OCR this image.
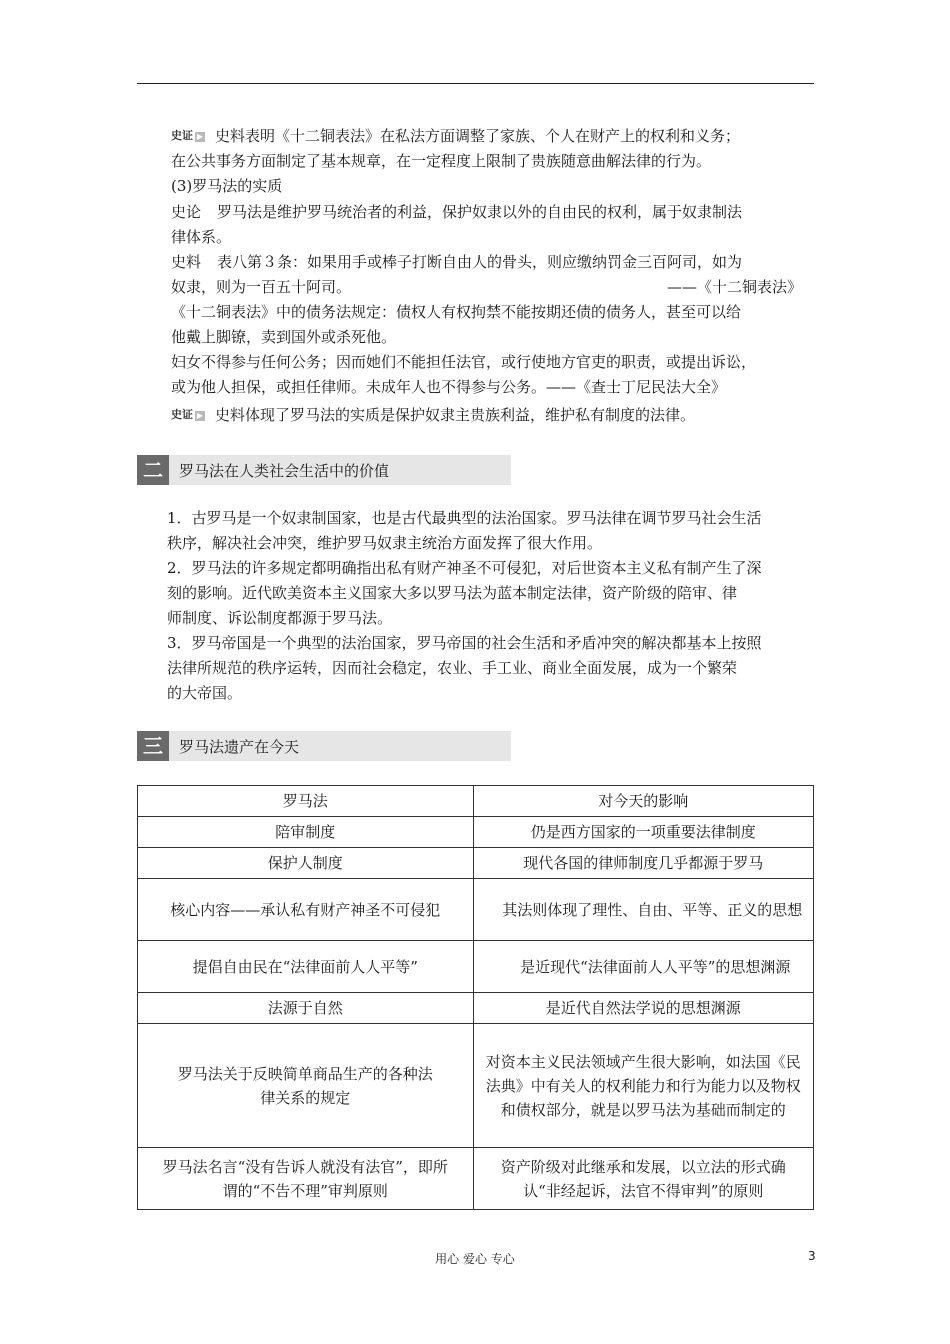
史证 ▶ 史料表明《十二铜表法》在私法方面调整了家族、个人在财产上的权利和义务；
在公共事务方面制定了基本规章，在一定程度上限制了贵族随意曲解法律的行为。
(3)罗马法的实质
史论 罗马法是维护罗马统治者的利益，保护奴隶以外的自由民的权利，属于奴隶制法
律体系。
史料 表八第３条：如果用手或棒子打断自由人的骨头，则应缴纳罚金三百阿司，如为
奴隶，则为一百五十阿司。	——《十二铜表法》
《十二铜表法》中的债务法规定：债权人有权拘禁不能按期还债的债务人，甚至可以给
他戴上脚镣，卖到国外或杀死他。
妇女不得参与任何公务；因而她们不能担任法官，或行使地方官吏的职责，或提出诉讼，
或为他人担保，或担任律师。未成年人也不得参与公务。——《查士丁尼民法大全》
史证 ▶ 史料体现了罗马法的实质是保护奴隶主贵族利益，维护私有制度的法律。
二	罗马法在人类社会生活中的价值
1．古罗马是一个奴隶制国家，也是古代最典型的法治国家。罗马法律在调节罗马社会生活
秩序，解决社会冲突，维护罗马奴隶主统治方面发挥了很大作用。
2．罗马法的许多规定都明确指出私有财产神圣不可侵犯，对后世资本主义私有制产生了深
刻的影响。近代欧美资本主义国家大多以罗马法为蓝本制定法律，资产阶级的陪审、律
师制度、诉讼制度都源于罗马法。
3．罗马帝国是一个典型的法治国家，罗马帝国的社会生活和矛盾冲突的解决都基本上按照
法律所规范的秩序运转，因而社会稳定，农业、手工业、商业全面发展，成为一个繁荣
的大帝国。
三	罗马法遗产在今天
罗马法	对今天的影响
陪审制度	仍是西方国家的一项重要法律制度
保护人制度	现代各国的律师制度几乎都源于罗马
核心内容——承认私有财产神圣不可侵犯	其法则体现了理性、自由、平等、正义的思想
提倡自由民在“法律面前人人平等”	是近现代“法律面前人人平等”的思想渊源
法源于自然	是近代自然法学说的思想渊源
罗马法关于反映简单商品生产的各种法律关系的规定	对资本主义民法领域产生很大影响，如法国《民法典》中有关人的权利能力和行为能力以及物权和债权部分，就是以罗马法为基础而制定的
罗马法名言“没有告诉人就没有法官”，即所谓的“不告不理”审判原则	资产阶级对此继承和发展，以立法的形式确认“非经起诉，法官不得审判”的原则
用心 爱心 专心	3
